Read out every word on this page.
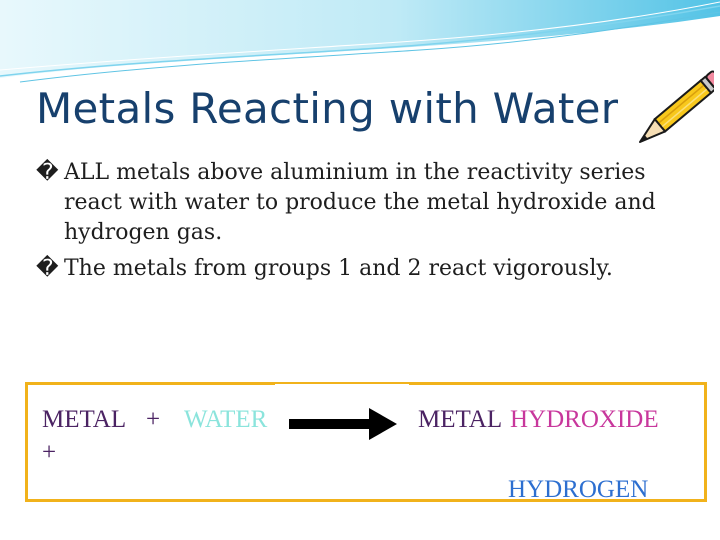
Metals Reacting with Water

� ALL metals above aluminium in the reactivity series react with water to produce the metal hydroxide and hydrogen gas.

� The metals from groups 1 and 2 react vigorously.

METAL + WATER
+
METAL HYDROXIDE
HYDROGEN
